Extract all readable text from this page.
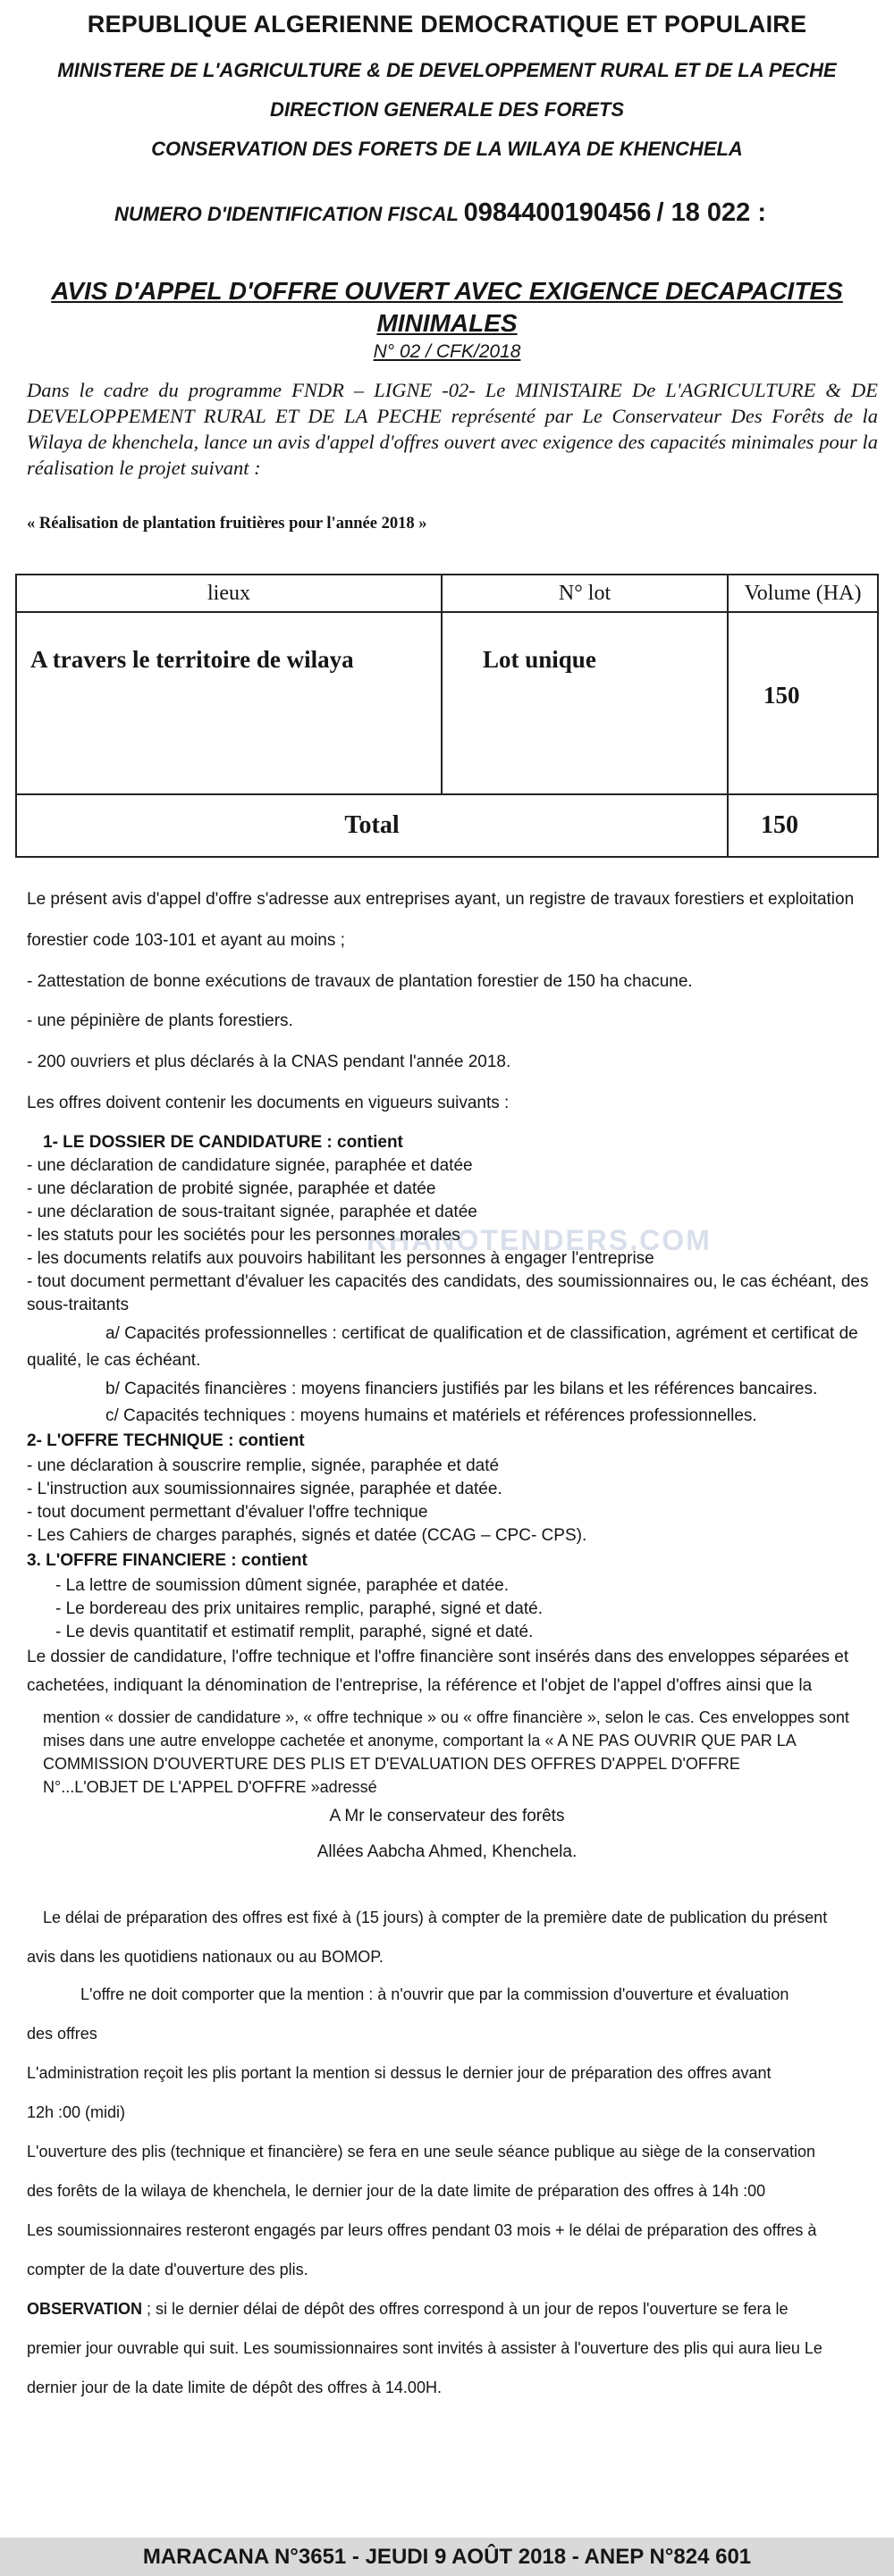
REPUBLIQUE ALGERIENNE DEMOCRATIQUE ET POPULAIRE
MINISTERE DE L'AGRICULTURE & DE DEVELOPPEMENT RURAL ET DE LA PECHE
DIRECTION GENERALE DES FORETS
CONSERVATION DES FORETS DE LA WILAYA DE KHENCHELA
NUMERO D'IDENTIFICATION FISCAL 0984400190456 / 18 022 :
AVIS D'APPEL D'OFFRE OUVERT AVEC EXIGENCE DECAPACITES
MINIMALES
N° 02 / CFK/2018
Dans le cadre du programme FNDR – LIGNE -02- Le MINISTAIRE De L'AGRICULTURE & DE DEVELOPPEMENT RURAL ET DE LA PECHE représenté par Le Conservateur Des Forêts de la Wilaya de khenchela, lance un avis d'appel d'offres ouvert avec exigence des capacités minimales pour la réalisation le projet suivant :
« Réalisation de plantation fruitières pour l'année 2018 »
lieux	N° lot	Volume (HA)

A travers le territoire de wilaya	Lot unique	150

Total		150
KHANOTENDERS.COM
Le présent avis d'appel d'offre s'adresse aux entreprises ayant, un registre de travaux forestiers et exploitation
forestier code 103-101 et ayant au moins ;
- 2attestation de bonne exécutions de travaux de plantation forestier de 150 ha chacune.
- une pépinière de plants forestiers.
- 200 ouvriers et plus déclarés à la CNAS pendant l'année 2018.
Les offres doivent contenir les documents en vigueurs suivants :
1- LE DOSSIER DE CANDIDATURE : contient
- une déclaration de candidature signée, paraphée et datée
- une déclaration de probité signée, paraphée et datée
- une déclaration de sous-traitant signée, paraphée et datée
- les statuts pour les sociétés pour les personnes morales
- les documents relatifs aux pouvoirs habilitant les personnes à engager l'entreprise
- tout document permettant d'évaluer les capacités des candidats, des soumissionnaires ou, le cas échéant, des
sous-traitants
a/ Capacités professionnelles : certificat de qualification et de classification, agrément et certificat de
qualité, le cas échéant.
b/ Capacités financières : moyens financiers justifiés par les bilans et les références bancaires.
c/ Capacités techniques : moyens humains et matériels et références professionnelles.
2- L'OFFRE TECHNIQUE : contient
- une déclaration à souscrire remplie, signée, paraphée et daté
- L'instruction aux soumissionnaires signée, paraphée et datée.
- tout document permettant d'évaluer l'offre technique
- Les Cahiers de charges paraphés, signés et datée (CCAG – CPC- CPS).
3. L'OFFRE FINANCIERE : contient
- La lettre de soumission dûment signée, paraphée et datée.
- Le bordereau des prix unitaires remplic, paraphé, signé et daté.
- Le devis quantitatif et estimatif remplit, paraphé, signé et daté.
Le dossier de candidature, l'offre technique et l'offre financière sont insérés dans des enveloppes séparées et
cachetées, indiquant la dénomination de l'entreprise, la référence et l'objet de l'appel d'offres ainsi que la
mention « dossier de candidature », « offre technique » ou « offre financière », selon le cas. Ces enveloppes sont
mises dans une autre enveloppe cachetée et anonyme, comportant la « A NE PAS OUVRIR QUE PAR LA
COMMISSION D'OUVERTURE DES PLIS ET D'EVALUATION DES OFFRES D'APPEL D'OFFRE
N°...L'OBJET DE L'APPEL D'OFFRE »adressé
A Mr le conservateur des forêts
Allées Aabcha Ahmed, Khenchela.
Le délai de préparation des offres est fixé à (15 jours) à compter de la première date de publication du présent
avis dans les quotidiens nationaux ou au BOMOP.
L'offre ne doit comporter que la mention : à n'ouvrir que par la commission d'ouverture et évaluation
des offres
L'administration reçoit les plis portant la mention si dessus le dernier jour de préparation des offres avant
12h :00 (midi)
L'ouverture des plis (technique et financière) se fera en une seule séance publique au siège de la conservation
des forêts de la wilaya de khenchela, le dernier jour de la date limite de préparation des offres à 14h :00
Les soumissionnaires resteront engagés par leurs offres pendant 03 mois + le délai de préparation des offres à
compter de la date d'ouverture des plis.
OBSERVATION ; si le dernier délai de dépôt des offres correspond à un jour de repos l'ouverture se fera le
premier jour ouvrable qui suit. Les soumissionnaires sont invités à assister à l'ouverture des plis qui aura lieu Le
dernier jour de la date limite de dépôt des offres à 14.00H.
MARACANA N°3651 - JEUDI 9 AOÛT 2018 - ANEP N°824 601
